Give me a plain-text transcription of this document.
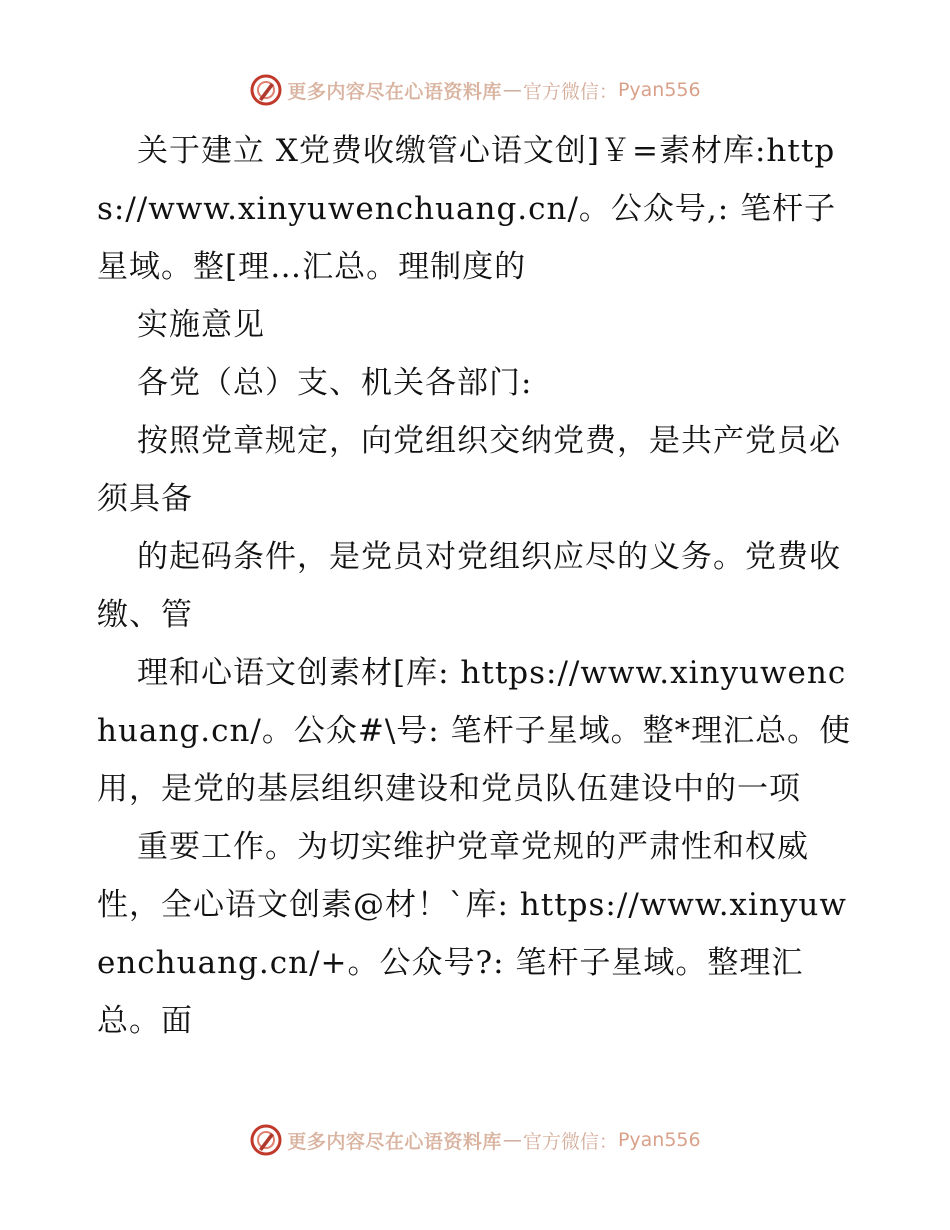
更多内容尽在心语资料库 — 官方微信： Pyan556

关于建立 X党费收缴管心语文创]￥=素材库:https://www.xinyuwenchuang.cn/。公众号,: 笔杆子星域。整[理…汇总。理制度的

实施意见

各党（总）支、机关各部门:

按照党章规定，向党组织交纳党费，是共产党员必须具备

的起码条件，是党员对党组织应尽的义务。党费收缴、管

理和心语文创素材[库: https://www.xinyuwenchuang.cn/。公众#\号: 笔杆子星域。整*理汇总。使用，是党的基层组织建设和党员队伍建设中的一项

重要工作。为切实维护党章党规的严肃性和权威性，全心语文创素@材！`库: https://www.xinyuwenchuang.cn/+。公众号?: 笔杆子星域。整理汇总。面

更多内容尽在心语资料库 — 官方微信： Pyan556
